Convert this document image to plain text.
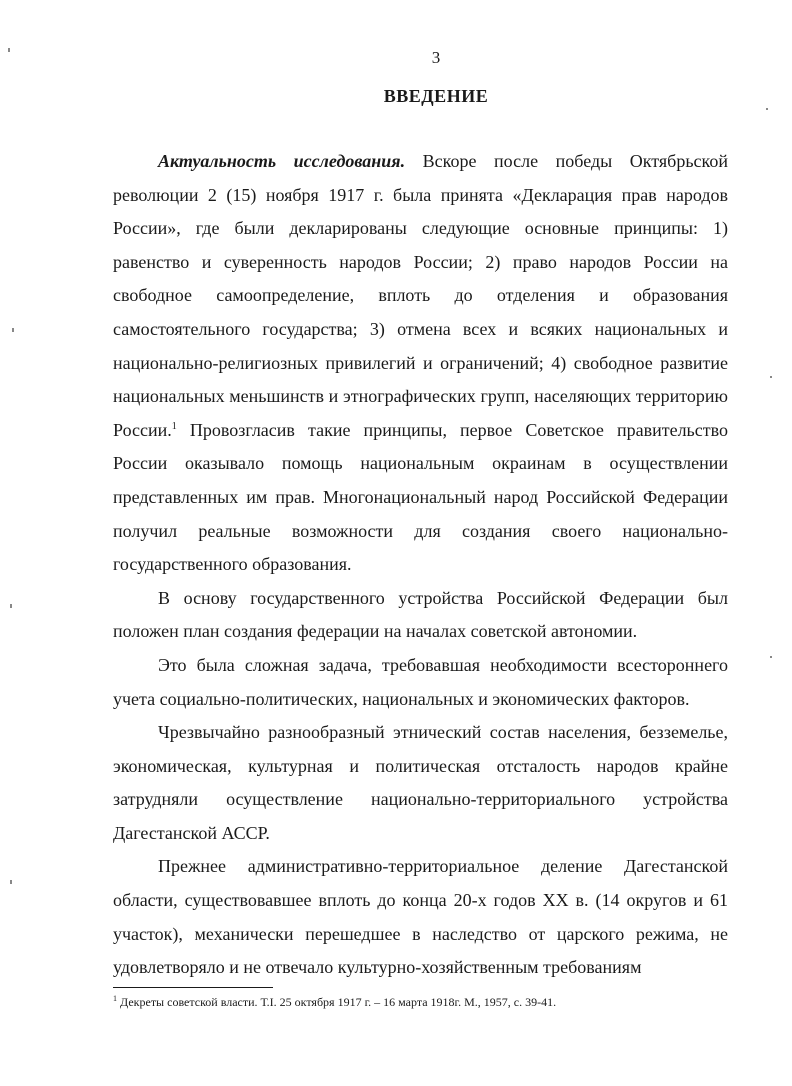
3
ВВЕДЕНИЕ

Актуальность исследования. Вскоре после победы Октябрьской революции 2 (15) ноября 1917 г. была принята «Декларация прав народов России», где были декларированы следующие основные принципы: 1) равенство и суверенность народов России; 2) право народов России на свободное самоопределение, вплоть до отделения и образования самостоятельного государства; 3) отмена всех и всяких национальных и национально-религиозных привилегий и ограничений; 4) свободное развитие национальных меньшинств и этнографических групп, населяющих территорию России.$^1$ Провозгласив такие принципы, первое Советское правительство России оказывало помощь национальным окраинам в осуществлении представленных им прав. Многонациональный народ Российской Федерации получил реальные возможности для создания своего национально-государственного образования.

В основу государственного устройства Российской Федерации был положен план создания федерации на началах советской автономии.

Это была сложная задача, требовавшая необходимости всестороннего учета социально-политических, национальных и экономических факторов.

Чрезвычайно разнообразный этнический состав населения, безземелье, экономическая, культурная и политическая отсталость народов крайне затрудняли осуществление национально-территориального устройства Дагестанской АССР.

Прежнее административно-территориальное деление Дагестанской области, существовавшее вплоть до конца 20-х годов XX в. (14 округов и 61 участок), механически перешедшее в наследство от царского режима, не удовлетворяло и не отвечало культурно-хозяйственным требованиям

$^1$ Декреты советской власти. Т.I. 25 октября 1917 г. – 16 марта 1918г. М., 1957, с. 39-41.
